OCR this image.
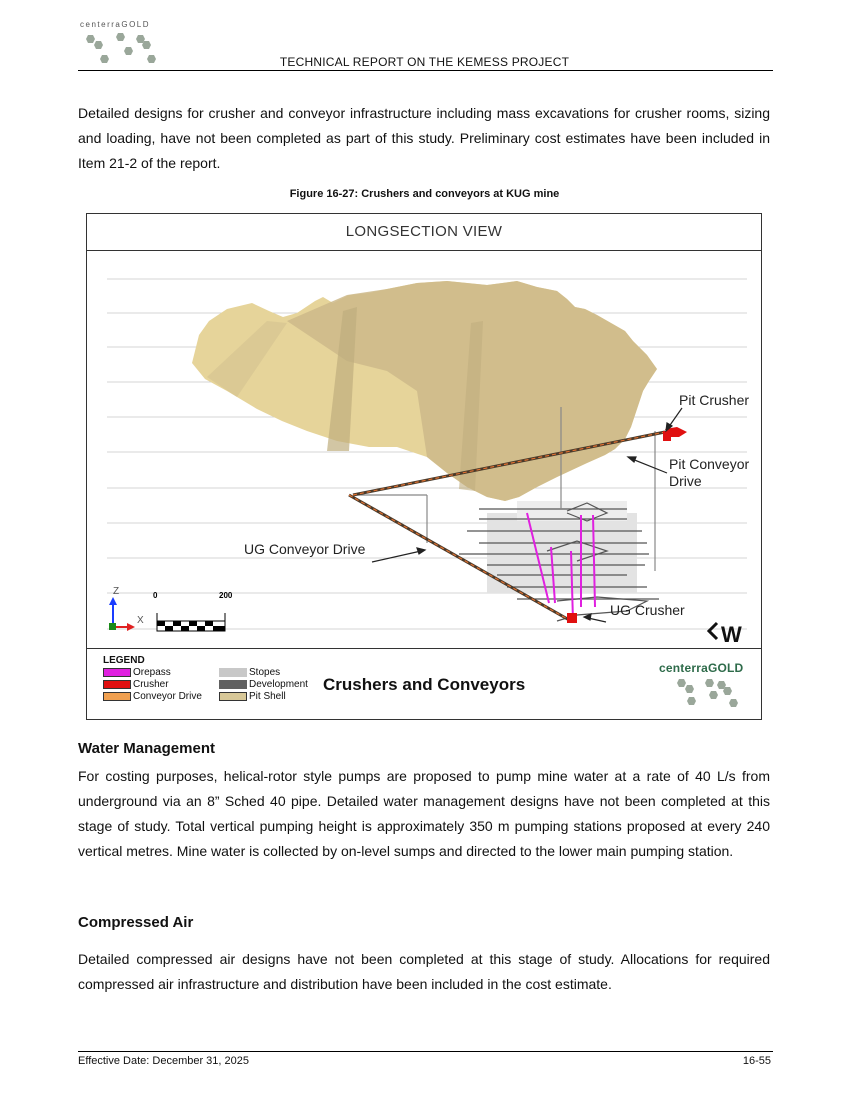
centerraGOLD
TECHNICAL REPORT ON THE KEMESS PROJECT

Detailed designs for crusher and conveyor infrastructure including mass excavations for crusher rooms, sizing and loading, have not been completed as part of this study. Preliminary cost estimates have been included in Item 21-2 of the report.

Figure 16-27: Crushers and conveyors at KUG mine
LONGSECTION VIEW
Pit Crusher
Pit Conveyor
Drive
UG Conveyor Drive
UG Crusher
Z
X
0	200
W
LEGEND
Orepass
Crusher
Conveyor Drive
Stopes
Development
Pit Shell
Crushers and Conveyors
centerraGOLD
Water Management

For costing purposes, helical-rotor style pumps are proposed to pump mine water at a rate of 40 L/s from underground via an 8” Sched 40 pipe. Detailed water management designs have not been completed at this stage of study. Total vertical pumping height is approximately 350 m pumping stations proposed at every 240 vertical metres. Mine water is collected by on-level sumps and directed to the lower main pumping station.

Compressed Air

Detailed compressed air designs have not been completed at this stage of study. Allocations for required compressed air infrastructure and distribution have been included in the cost estimate.

Effective Date: December 31, 2025	16-55
